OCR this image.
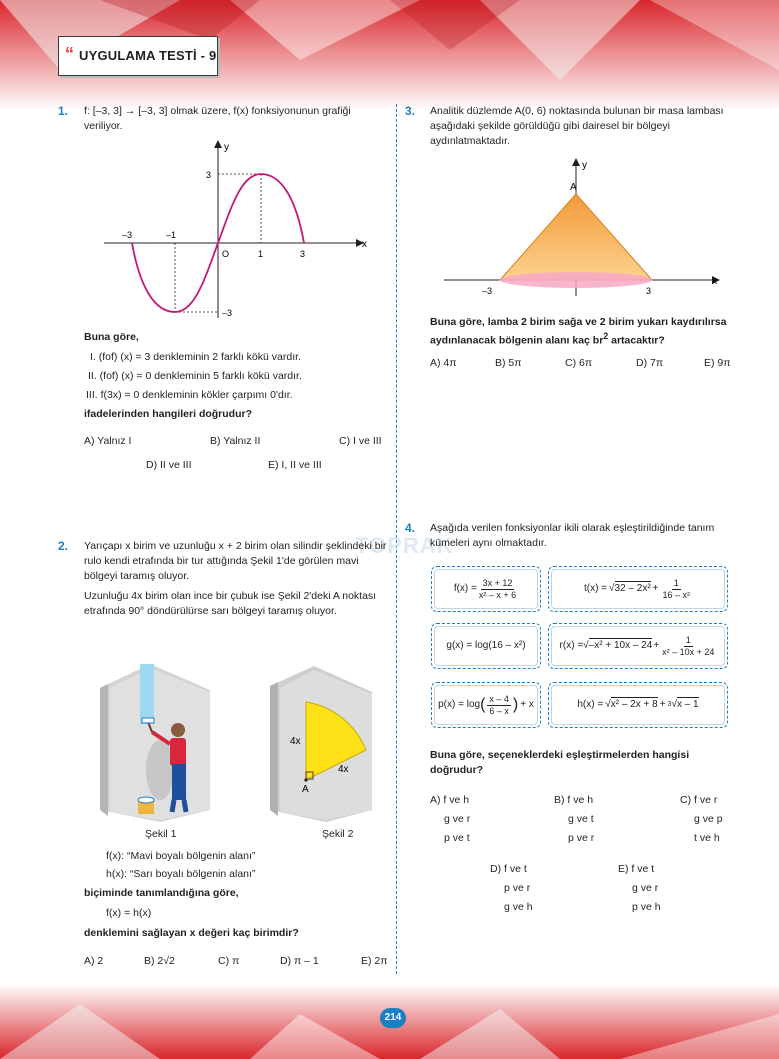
“ UYGULAMA TESTİ - 9
TOPRAK
1. f: [–3, 3] → [–3, 3] olmak üzere, f(x) fonksiyonunun grafiği veriliyor.
y
x
O
–3	–1
1	3
3
–3
Buna göre,
I. (fof) (x) = 3 denkleminin 2 farklı kökü vardır.
II. (fof) (x) = 0 denkleminin 5 farklı kökü vardır.
III. f(3x) = 0 denkleminin kökler çarpımı 0'dır.
ifadelerinden hangileri doğrudur?
A) Yalnız I	B) Yalnız II	C) I ve III
D) II ve III	E) I, II ve III
2. Yarıçapı x birim ve uzunluğu x + 2 birim olan silindir şeklindeki bir rulo kendi etrafında bir tur attığında Şekil 1'de görülen mavi bölgeyi taramış oluyor.
Uzunluğu 4x birim olan ince bir çubuk ise Şekil 2'deki A noktası etrafında 90° döndürülürse sarı bölgeyi taramış oluyor.
Şekil 1
4x
4x
A
Şekil 2
f(x): “Mavi boyalı bölgenin alanı”
h(x): “Sarı boyalı bölgenin alanı”
biçiminde tanımlandığına göre,
f(x) = h(x)
denklemini sağlayan x değeri kaç birimdir?
A) 2	B) 2√2	C) π	D) π – 1	E) 2π
3. Analitik düzlemde A(0, 6) noktasında bulunan bir masa lambası aşağıdaki şekilde görüldüğü gibi dairesel bir bölgeyi aydınlatmaktadır.
y
x
A
–3	3
Buna göre, lamba 2 birim sağa ve 2 birim yukarı kaydırılırsa aydınlanacak bölgenin alanı kaç $br^2$ artacaktır?
A) 4π	B) 5π	C) 6π	D) 7π	E) 9π
4. Aşağıda verilen fonksiyonlar ikili olarak eşleştirildiğinde tanım kümeleri aynı olmaktadır.
$f(x) = \frac{3x + 12}{\text{x² – x + 6}}$	t(x) = √ $32 - 2x^2 + \frac{1}{\text{16 – x²}}$
g(x) = log(16 – x²)	r(x) = √ $-x^2 + 10x - 24 + \frac{1}{\text{x² – 10x + 24}}$
p(x) = log ( $\frac{x - 4}{6 - x}$ ) + x	h(x) = √ x² – 2x + 8 + 3 √ x – 1
Buna göre, seçeneklerdeki eşleştirmelerden hangisi doğrudur?
A) f ve h
g ve r
p ve t
B) f ve h
g ve t
p ve r
C) f ve r
g ve p
t ve h
D) f ve t
p ve r
g ve h
E) f ve t
g ve r
p ve h
214
